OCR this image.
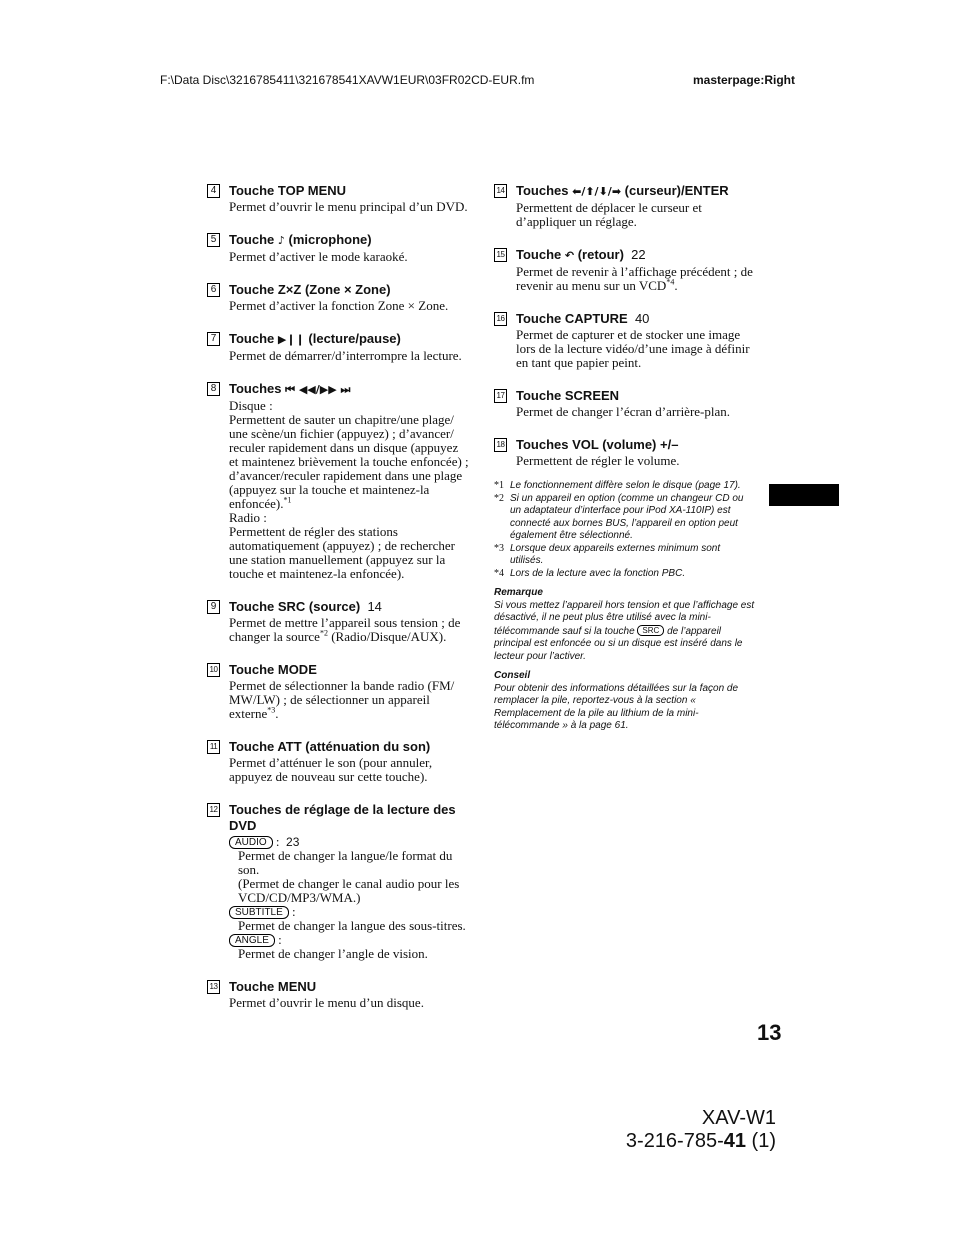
F:\Data Disc\3216785411\321678541XAVW1EUR\03FR02CD-EUR.fm	masterpage:Right
4 Touche TOP MENU
Permet d’ouvrir le menu principal d’un DVD.
5 Touche ♪ (microphone)
Permet d’activer le mode karaoké.
6 Touche Z×Z (Zone × Zone)
Permet d’activer la fonction Zone × Zone.
7 Touche ▶❙❙ (lecture/pause)
Permet de démarrer/d’interrompre la lecture.
8 Touches ⏮ ◀◀/▶▶ ⏭
Disque :
Permettent de sauter un chapitre/une plage/ une scène/un fichier (appuyez) ; d’avancer/ reculer rapidement dans un disque (appuyez et maintenez brièvement la touche enfoncée) ; d’avancer/reculer rapidement dans une plage (appuyez sur la touche et maintenez-la enfoncée).$^{*1}$
Radio :
Permettent de régler des stations automatiquement (appuyez) ; de rechercher une station manuellement (appuyez sur la touche et maintenez-la enfoncée).
9 Touche SRC (source) 14
Permet de mettre l’appareil sous tension ; de changer la source$^{*2}$ (Radio/Disque/AUX).
10 Touche MODE
Permet de sélectionner la bande radio (FM/ MW/LW) ; de sélectionner un appareil externe$^{*3}$.
11 Touche ATT (atténuation du son)
Permet d’atténuer le son (pour annuler, appuyez de nouveau sur cette touche).
12 Touches de réglage de la lecture des DVD
AUDIO :  23
Permet de changer la langue/le format du son.
(Permet de changer le canal audio pour les VCD/CD/MP3/WMA.)
SUBTITLE :
Permet de changer la langue des sous-titres.
ANGLE :
Permet de changer l’angle de vision.
13 Touche MENU
Permet d’ouvrir le menu d’un disque.
14 Touches ⬅/⬆/⬇/➡ (curseur)/ENTER
Permettent de déplacer le curseur et d’appliquer un réglage.
15 Touche ↶ (retour) 22
Permet de revenir à l’affichage précédent ; de revenir au menu sur un VCD$^{*4}$.
16 Touche CAPTURE 40
Permet de capturer et de stocker une image lors de la lecture vidéo/d’une image à définir en tant que papier peint.
17 Touche SCREEN
Permet de changer l’écran d’arrière-plan.
18 Touches VOL (volume) +/–
Permettent de régler le volume.
*1 Le fonctionnement diffère selon le disque (page 17).
*2 Si un appareil en option (comme un changeur CD ou un adaptateur d’interface pour iPod XA-110IP) est connecté aux bornes BUS, l’appareil en option peut également être sélectionné.
*3 Lorsque deux appareils externes minimum sont utilisés.
*4 Lors de la lecture avec la fonction PBC.
Remarque
Si vous mettez l’appareil hors tension et que l’affichage est désactivé, il ne peut plus être utilisé avec la mini-télécommande sauf si la touche SRC de l’appareil principal est enfoncée ou si un disque est inséré dans le lecteur pour l’activer.
Conseil
Pour obtenir des informations détaillées sur la façon de remplacer la pile, reportez-vous à la section « Remplacement de la pile au lithium de la mini-télécommande » à la page 61.
13
XAV-W1
3-216-785-41 (1)
